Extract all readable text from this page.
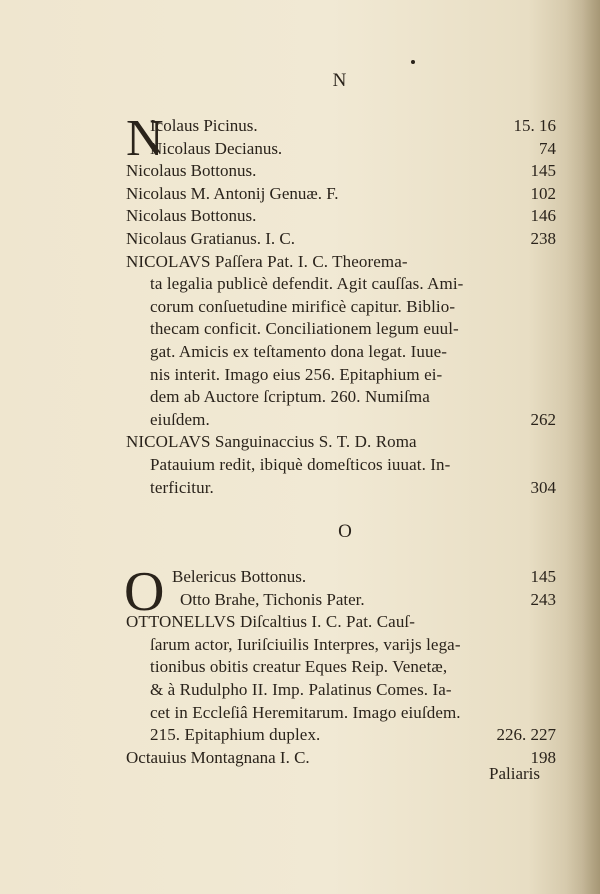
N
N
Icolaus Picinus.	15. 16
Nicolaus Decianus.	74
Nicolaus Bottonus.	145
Nicolaus M. Antonij Genuæ. F.	102
Nicolaus Bottonus.	146
Nicolaus Gratianus. I. C.	238
NICOLAVS Paſſera Pat. I. C. Theorema-
ta legalia publicè defendit. Agit cauſſas. Ami-
corum conſuetudine mirificè capitur. Biblio-
thecam conficit. Conciliationem legum euul-
gat. Amicis ex teſtamento dona legat. Iuue-
nis interit. Imago eius 256. Epitaphium ei-
dem ab Auctore ſcriptum. 260. Numiſma
eiuſdem.	262
NICOLAVS Sanguinaccius S. T. D. Roma
Patauium redit, ibiquè domeſticos iuuat. In-
terficitur.	304
O
O Belericus Bottonus.	145
Otto Brahe, Tichonis Pater.	243
OTTONELLVS Diſcaltius I. C. Pat. Cauſ-
ſarum actor, Iuriſciuilis Interpres, varijs lega-
tionibus obitis creatur Eques Reip. Venetæ,
& à Rudulpho II. Imp. Palatinus Comes. Ia-
cet in Eccleſiâ Heremitarum. Imago eiuſdem.
215. Epitaphium duplex.	226. 227
Octauius Montagnana I. C.	198
Paliaris
